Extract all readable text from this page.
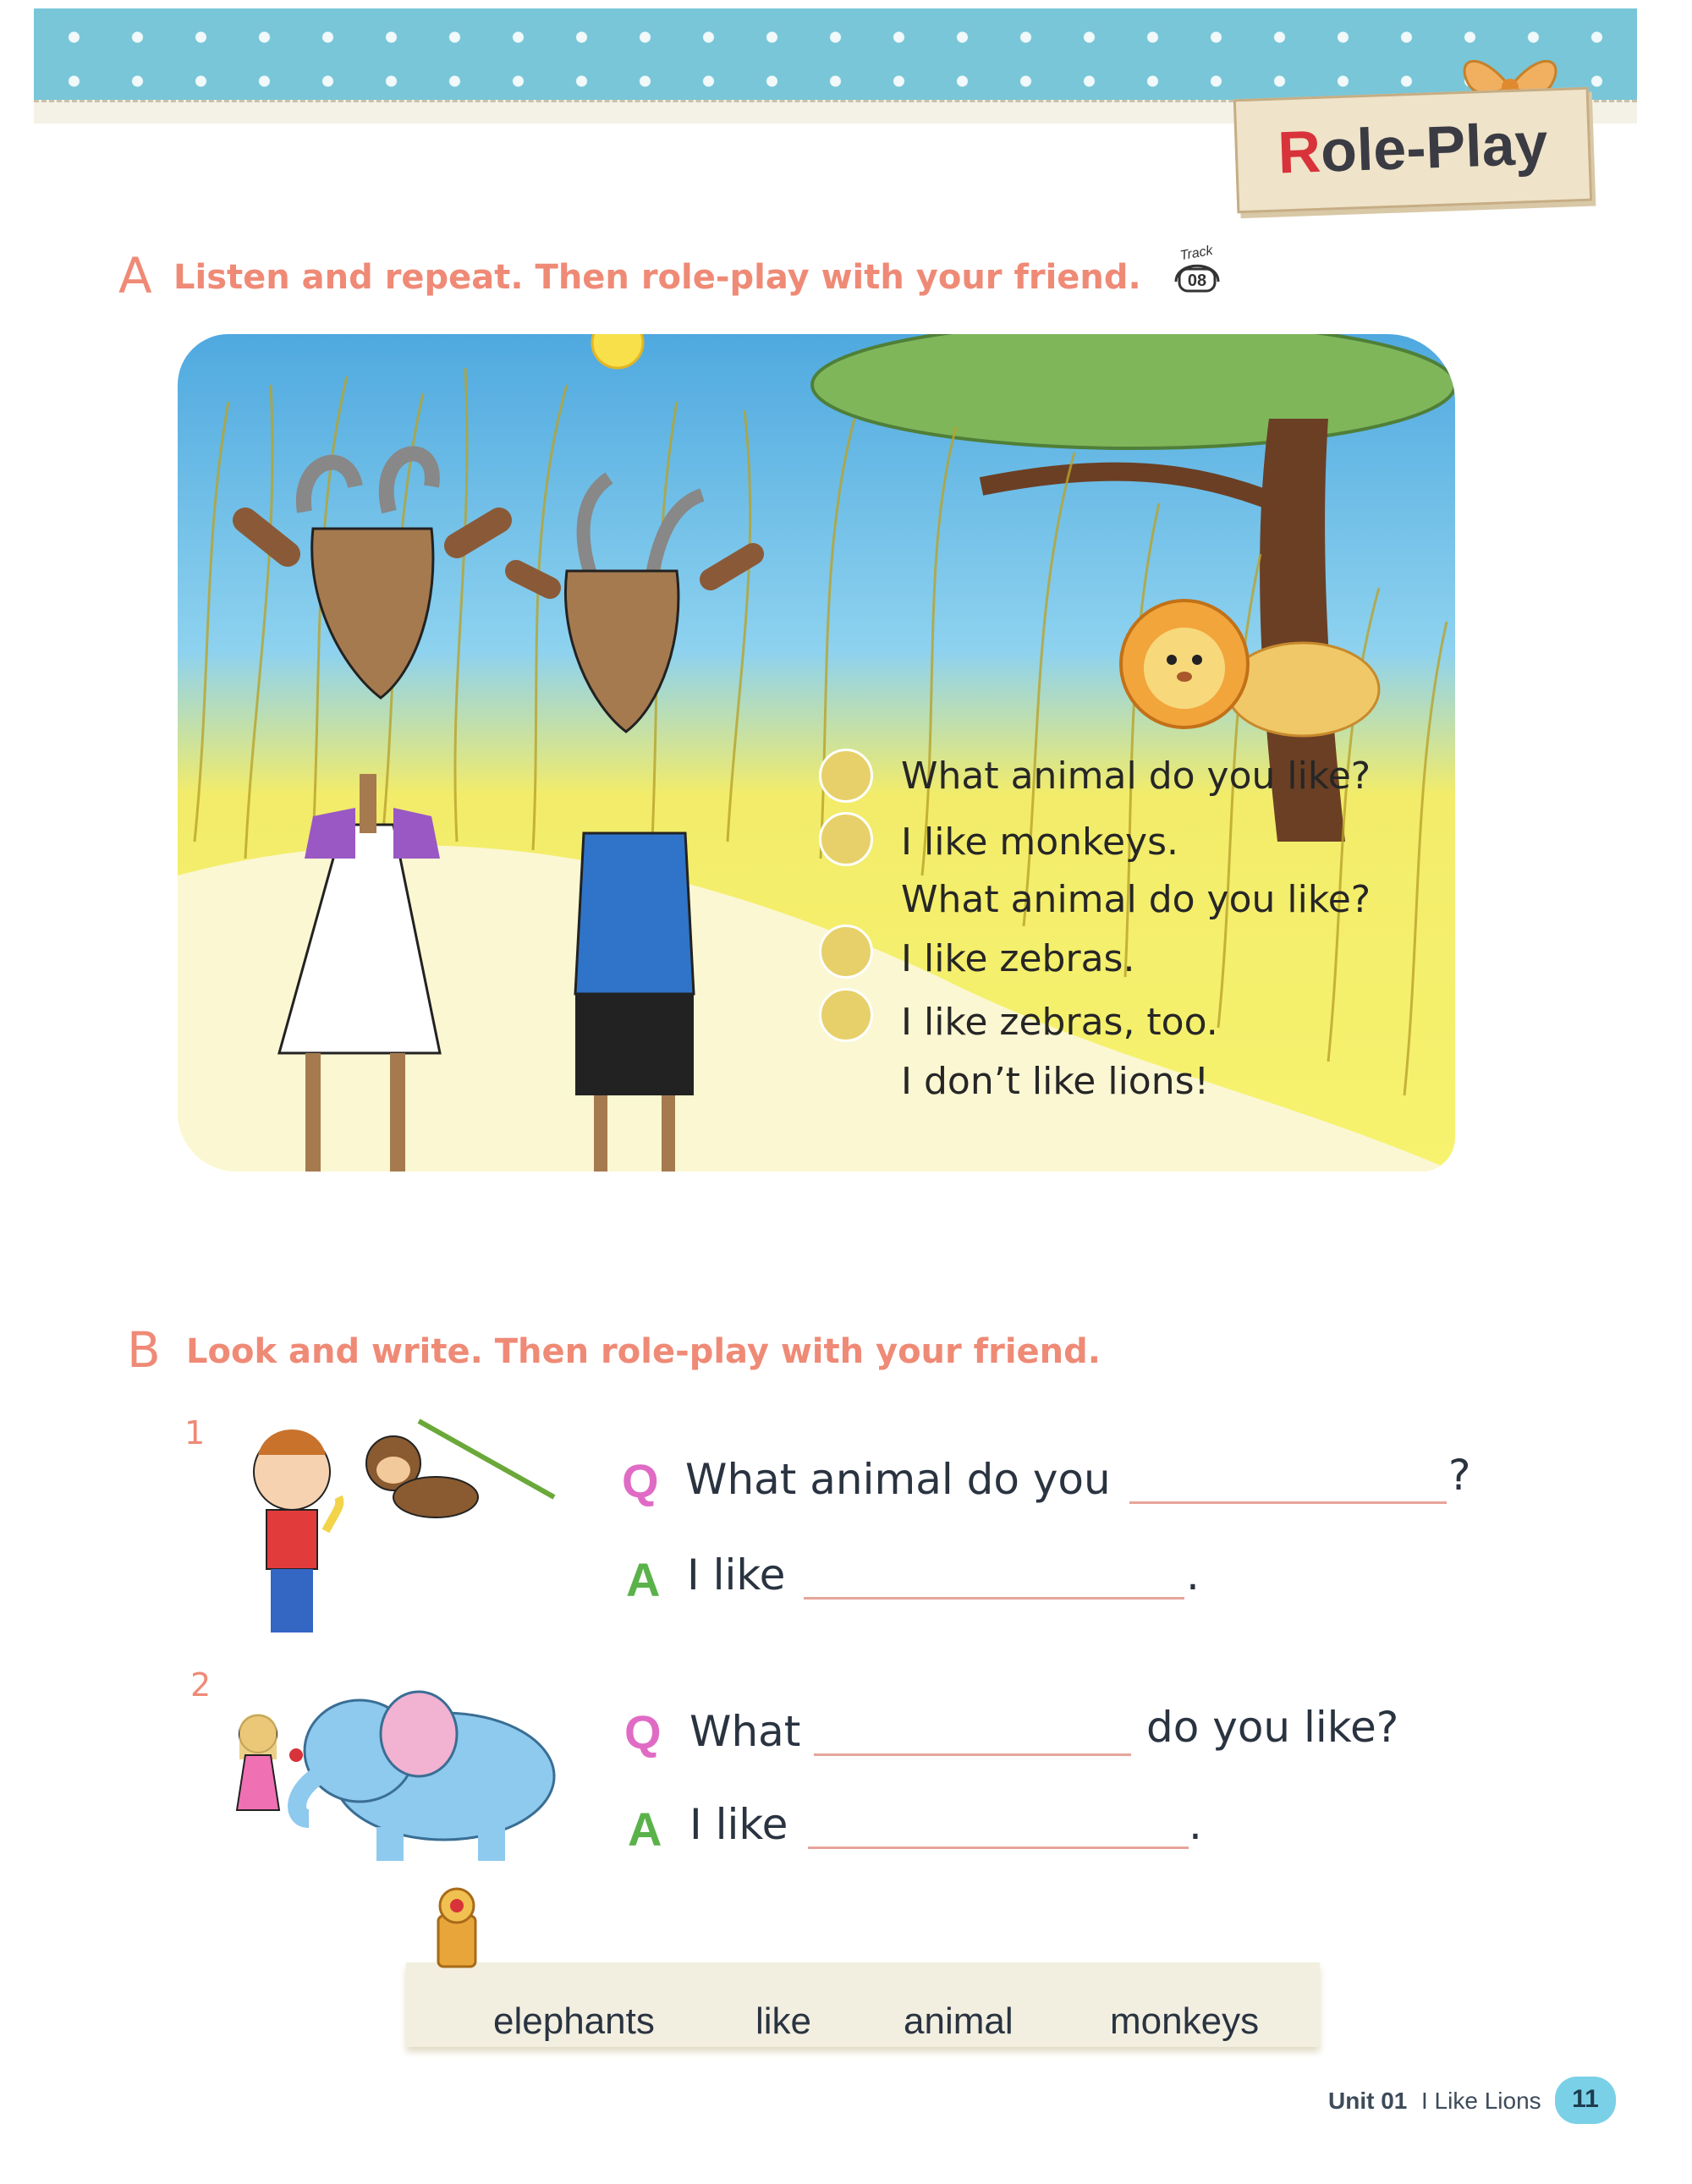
Role-Play
A Listen and repeat. Then role-play with your friend.
Track
08
What animal do you like?
I like monkeys.
What animal do you like?
I like zebras.
I like zebras, too.
I don’t like lions!
B Look and write. Then role-play with your friend.
1
Q What animal do you	?
A I like	.
2
Q What	do you like?
A I like	.
elephants	like animal	monkeys
Unit 01 I Like Lions	11
